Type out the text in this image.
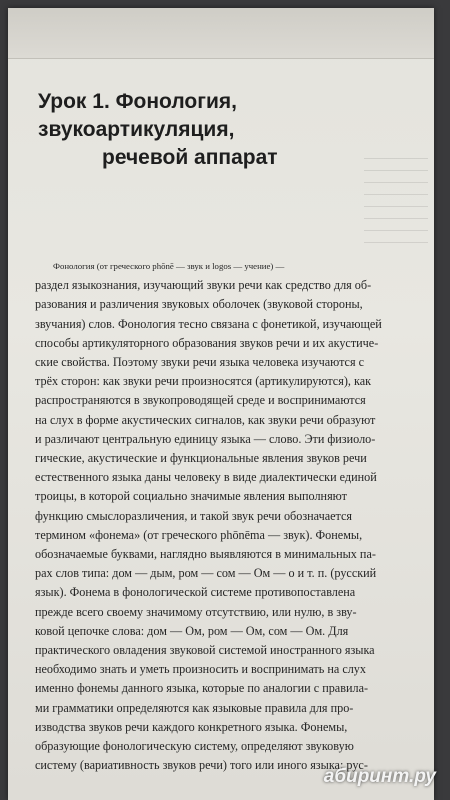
Урок 1. Фонология, звукоартикуляция,
речевой аппарат
Фонология (от греческого phōnē — звук и logos — учение) —
раздел языкознания, изучающий звуки речи как средство для об-
разования и различения звуковых оболочек (звуковой стороны,
звучания) слов. Фонология тесно связана с фонетикой, изучающей
способы артикуляторного образования звуков речи и их акустиче-
ские свойства. Поэтому звуки речи языка человека изучаются с
трёх сторон: как звуки речи произносятся (артикулируются), как
распространяются в звукопроводящей среде и воспринимаются
на слух в форме акустических сигналов, как звуки речи образуют
и различают центральную единицу языка — слово. Эти физиоло-
гические, акустические и функциональные явления звуков речи
естественного языка даны человеку в виде диалектически единой
троицы, в которой социально значимые явления выполняют
функцию смыслоразличения, и такой звук речи обозначается
термином «фонема» (от греческого phōnēma — звук). Фонемы,
обозначаемые буквами, наглядно выявляются в минимальных па-
рах слов типа: дом — дым, ром — сом — Ом — о и т. п. (русский
язык). Фонема в фонологической системе противопоставлена
прежде всего своему значимому отсутствию, или нулю, в зву-
ковой цепочке слова: дом — Ом, ром — Ом, сом — Ом. Для
практического овладения звуковой системой иностранного языка
необходимо знать и уметь произносить и воспринимать на слух
именно фонемы данного языка, которые по аналогии с правила-
ми грамматики определяются как языковые правила для про-
изводства звуков речи каждого конкретного языка. Фонемы,
образующие фонологическую систему, определяют звуковую
систему (вариативность звуков речи) того или иного языка: рус-
абиринт.ру
